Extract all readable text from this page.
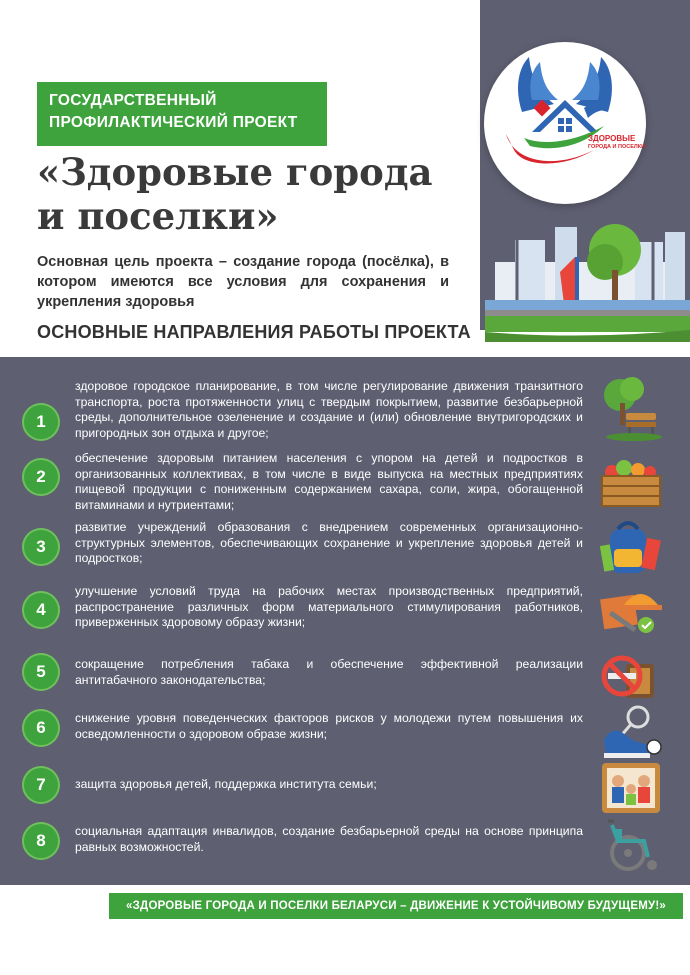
ЗДОРОВЫЕ
ГОРОДА И ПОСЕЛКИ
ГОСУДАРСТВЕННЫЙ
ПРОФИЛАКТИЧЕСКИЙ ПРОЕКТ
«Здоровые города
и поселки»
Основная цель проекта – создание города (посёлка), в котором имеются все условия для сохранения и укрепления здоровья
ОСНОВНЫЕ НАПРАВЛЕНИЯ РАБОТЫ ПРОЕКТА
1
здоровое городское планирование, в том числе регулирование движения транзитного транспорта, роста протяженности улиц с твердым покрытием, развитие безбарьерной среды, дополнительное озеленение и создание и (или) обновление внутригородских и пригородных зон отдыха и другое;
2
обеспечение здоровым питанием населения с упором на детей и подростков в организованных коллективах, в том числе в виде выпуска на местных предприятиях пищевой продукции с пониженным содержанием сахара, соли, жира, обогащенной витаминами и нутриентами;
3
развитие учреждений образования с внедрением современных организационно-структурных элементов, обеспечивающих сохранение и укрепление здоровья детей и подростков;
4
улучшение условий труда на рабочих местах производственных предприятий, распространение различных форм материального стимулирования работников, приверженных здоровому образу жизни;
5	сокращение потребления табака и обеспечение эффективной реализации антитабачного законодательства;
6	снижение уровня поведенческих факторов рисков у молодежи путем повышения их осведомленности о здоровом образе жизни;
7	защита здоровья детей, поддержка института семьи;
8	социальная адаптация инвалидов, создание безбарьерной среды на основе принципа равных возможностей.
«ЗДОРОВЫЕ ГОРОДА И ПОСЕЛКИ БЕЛАРУСИ – ДВИЖЕНИЕ К УСТОЙЧИВОМУ БУДУЩЕМУ!»
